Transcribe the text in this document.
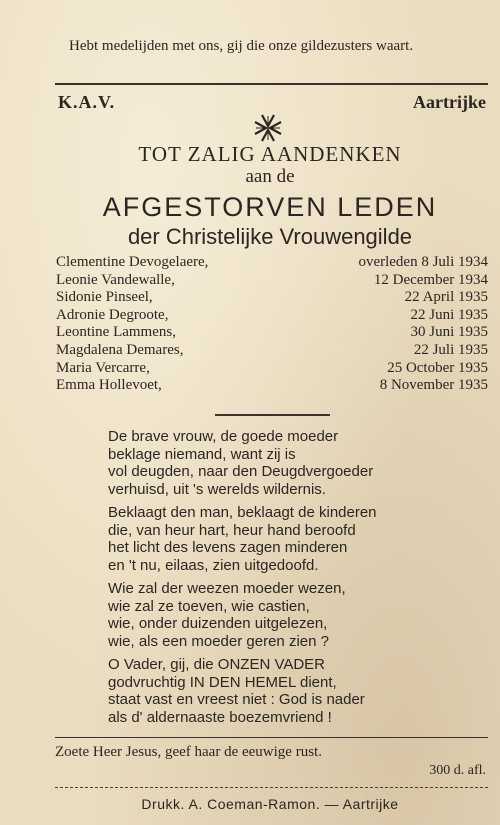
Hebt medelijden met ons, gij die onze gildezusters waart.
K.A.V.	Aartrijke
TOT ZALIG AANDENKEN
aan de
AFGESTORVEN LEDEN
der Christelijke Vrouwengilde
Clementine Devogelaere,	overleden 8 Juli 1934
Leonie Vandewalle,	12 December 1934
Sidonie Pinseel,	22 April 1935
Adronie Degroote,	22 Juni 1935
Leontine Lammens,	30 Juni 1935
Magdalena Demares,	22 Juli 1935
Maria Vercarre,	25 October 1935
Emma Hollevoet,	8 November 1935
De brave vrouw, de goede moeder
beklage niemand, want zij is
vol deugden, naar den Deugdvergoeder
verhuisd, uit 's werelds wildernis.
Beklaagt den man, beklaagt de kinderen
die, van heur hart, heur hand beroofd
het licht des levens zagen minderen
en 't nu, eilaas, zien uitgedoofd.
Wie zal der weezen moeder wezen,
wie zal ze toeven, wie castien,
wie, onder duizenden uitgelezen,
wie, als een moeder geren zien ?
O Vader, gij, die ONZEN VADER
godvruchtig IN DEN HEMEL dient,
staat vast en vreest niet : God is nader
als d' aldernaaste boezemvriend !
Zoete Heer Jesus, geef haar de eeuwige rust.
300 d. afl.
Drukk. A. Coeman-Ramon. — Aartrijke
